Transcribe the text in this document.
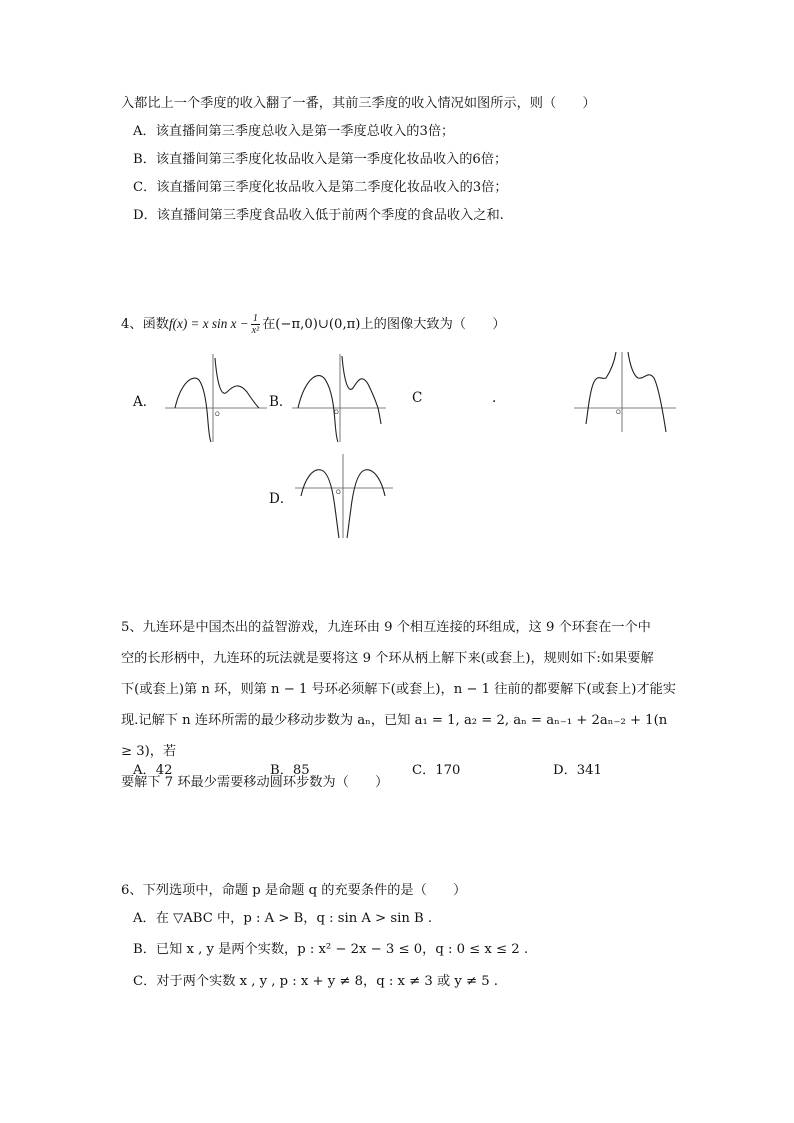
入都比上一个季度的收入翻了一番，其前三季度的收入情况如图所示，则（　　）
A．该直播间第三季度总收入是第一季度总收入的3倍；
B．该直播间第三季度化妆品收入是第一季度化妆品收入的6倍；
C．该直播间第三季度化妆品收入是第二季度化妆品收入的3倍；
D．该直播间第三季度食品收入低于前两个季度的食品收入之和.
4、函数f(x) = x $\sin x - \frac{1}{\text{x²}}$ 在(−π,0)∪(0,π)上的图像大致为（　　）
A．	B．	C	.
D．
O	O	O
O
5、九连环是中国杰出的益智游戏，九连环由 9 个相互连接的环组成，这 9 个环套在一个中
空的长形柄中，九连环的玩法就是要将这 9 个环从柄上解下来(或套上)，规则如下:如果要解
下(或套上)第 n 环，则第 n − 1 号环必须解下(或套上)，n − 1 往前的都要解下(或套上)才能实
现.记解下 n 连环所需的最少移动步数为 aₙ，已知 a₁ = 1, a₂ = 2, aₙ = aₙ₋₁ + 2aₙ₋₂ + 1(n ≥ 3)，若
要解下 7 环最少需要移动圆环步数为（　　）
A．42	B．85	C．170	D．341
6、下列选项中，命题 p 是命题 q 的充要条件的是（　　）
A．在 ▽ABC 中，p : A > B，q : sin A > sin B .
B．已知 x , y 是两个实数，p : x² − 2x − 3 ≤ 0，q : 0 ≤ x ≤ 2 .
C．对于两个实数 x , y , p : x + y ≠ 8，q : x ≠ 3 或 y ≠ 5 .
